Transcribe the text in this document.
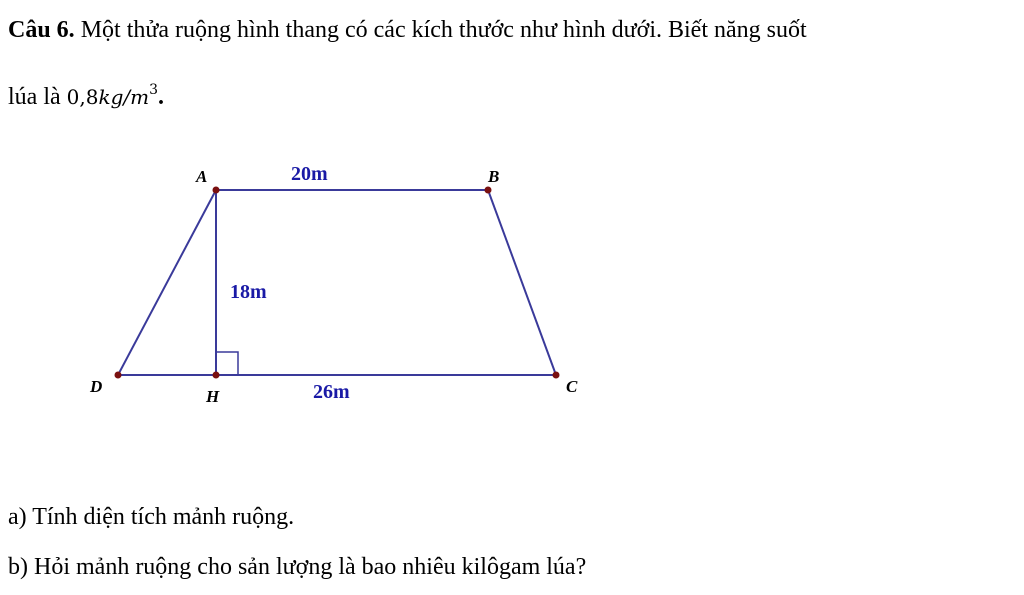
Câu 6. Một thửa ruộng hình thang có các kích thước như hình dưới. Biết năng suốt
lúa là $0,8kg/m^3$.
A	B
C
D
H
20m
18m
26m
a) Tính diện tích mảnh ruộng.
b) Hỏi mảnh ruộng cho sản lượng là bao nhiêu kilôgam lúa?
